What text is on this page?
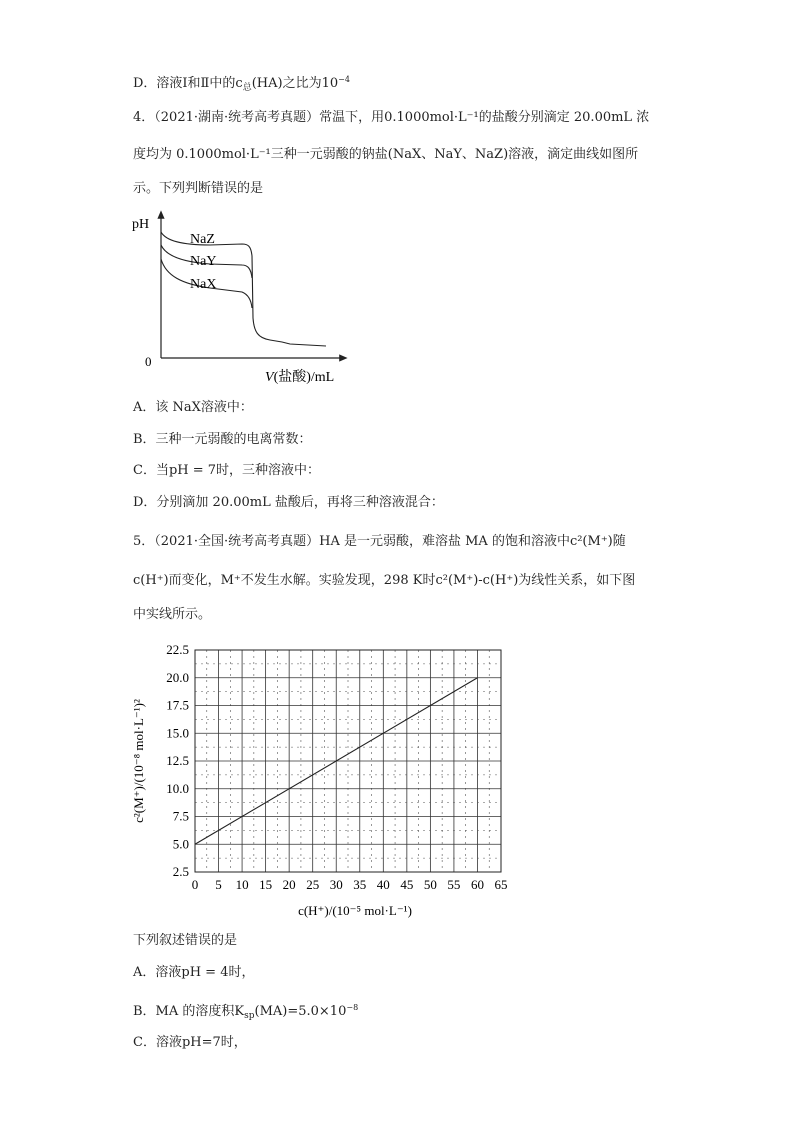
D．溶液Ⅰ和Ⅱ中的$c_总(HA)$之比为$10^{-4}$
4．（2021·湖南·统考高考真题）常温下，用0.1000mol·L⁻¹的盐酸分别滴定 20.00mL 浓
度均为 0.1000mol·L⁻¹三种一元弱酸的钠盐(NaX、NaY、NaZ)溶液，滴定曲线如图所
示。下列判断错误的是
pH
0
V(盐酸)/mL
NaZ
NaY
NaX
A．该 NaX溶液中：
B．三种一元弱酸的电离常数：
C．当pH = 7时，三种溶液中：
D．分别滴加 20.00mL 盐酸后，再将三种溶液混合：
5．（2021·全国·统考高考真题）HA 是一元弱酸，难溶盐 MA 的饱和溶液中c²(M⁺)随
c(H⁺)而变化，M⁺不发生水解。实验发现，298 K时c²(M⁺)-c(H⁺)为线性关系，如下图
中实线所示。
0 5 10 15 20 25 30 35 40 45 50 55 60 65
2.5
5.0
7.5
10.0
12.5
15.0
17.5
20.0
22.5
c(H⁺)/(10⁻⁵ mol·L⁻¹)
c²(M⁺)/(10⁻⁸ mol·L⁻¹)²
下列叙述错误的是
A．溶液pH = 4时，
B．MA 的溶度积$K_{sp}(MA)=5.0\times 10^{-8}$
C．溶液pH=7时，
